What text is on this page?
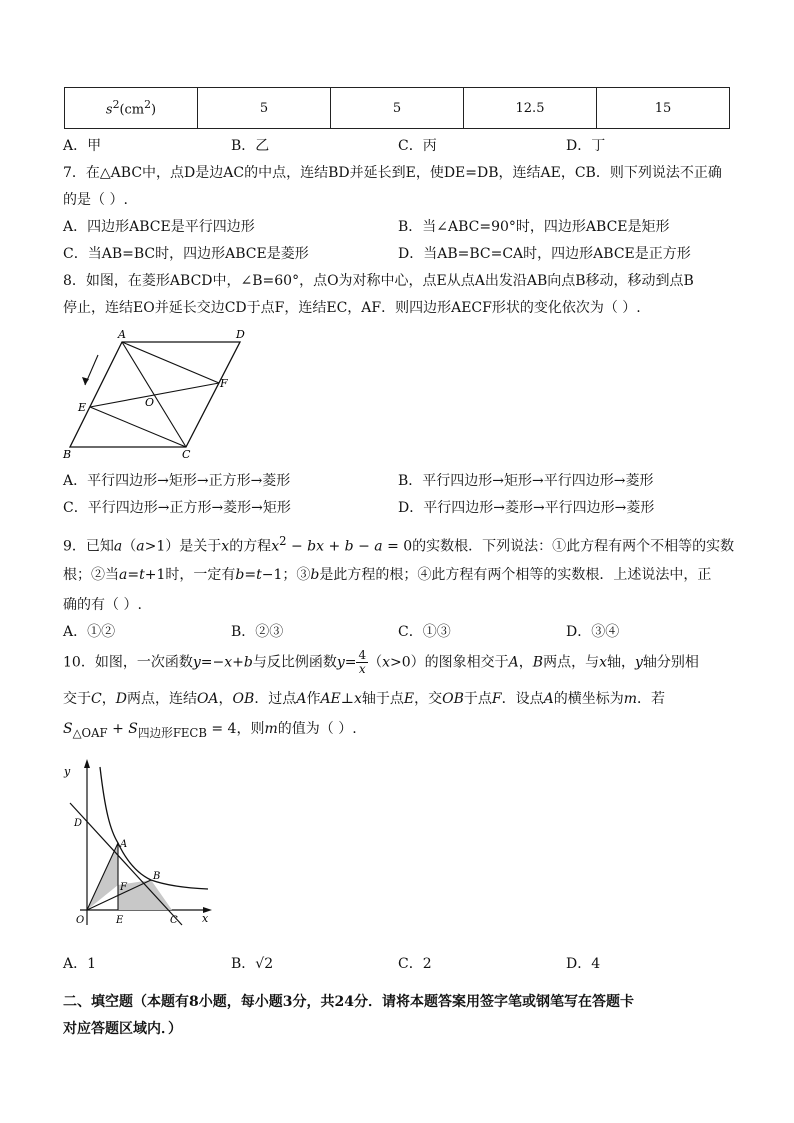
$s^2(cm^2)$	5	5	12.5	15
A．甲	B．乙	C．丙	D．丁
7．在△ABC中，点D是边AC的中点，连结BD并延长到E，使DE=DB，连结AE，CB．则下列说法不正确
的是（ ）.
A．四边形ABCE是平行四边形	B．当∠ABC=90°时，四边形ABCE是矩形
C．当AB=BC时，四边形ABCE是菱形	D．当AB=BC=CA时，四边形ABCE是正方形
8．如图，在菱形ABCD中，∠B=60°，点O为对称中心，点E从点A出发沿AB向点B移动，移动到点B
停止，连结EO并延长交边CD于点F，连结EC，AF．则四边形AECF形状的变化依次为（ ）.
A	D
B	C
E
F
O
A．平行四边形→矩形→正方形→菱形	B．平行四边形→矩形→平行四边形→菱形
C．平行四边形→正方形→菱形→矩形	D．平行四边形→菱形→平行四边形→菱形
9．已知a（a>1）是关于x的方程$x^2$ − bx + b − a = 0的实数根．下列说法：①此方程有两个不相等的实数
根；②当a=t+1时，一定有b=t−1；③b是此方程的根；④此方程有两个相等的实数根．上述说法中，正
确的有（ ）.
A．①②	B．②③	C．①③	D．③④
10．如图，一次函数y=−x+b与反比例函数$y= \frac{4}{x} (x>0)$的图象相交于A，B两点，与x轴，y轴分别相
交于C，D两点，连结OA，OB．过点A作AE⊥x轴于点E，交OB于点F．设点A的横坐标为m．若
$S_{\triangle OAF} + S_{四边形FECB} = 4$，则m的值为（ ）.
y
x
O
D
A
B
F
E	C
A．1	B．√2	C．2	D．4
二、填空题（本题有8小题，每小题3分，共24分．请将本题答案用签字笔或钢笔写在答题卡
对应答题区域内．）
